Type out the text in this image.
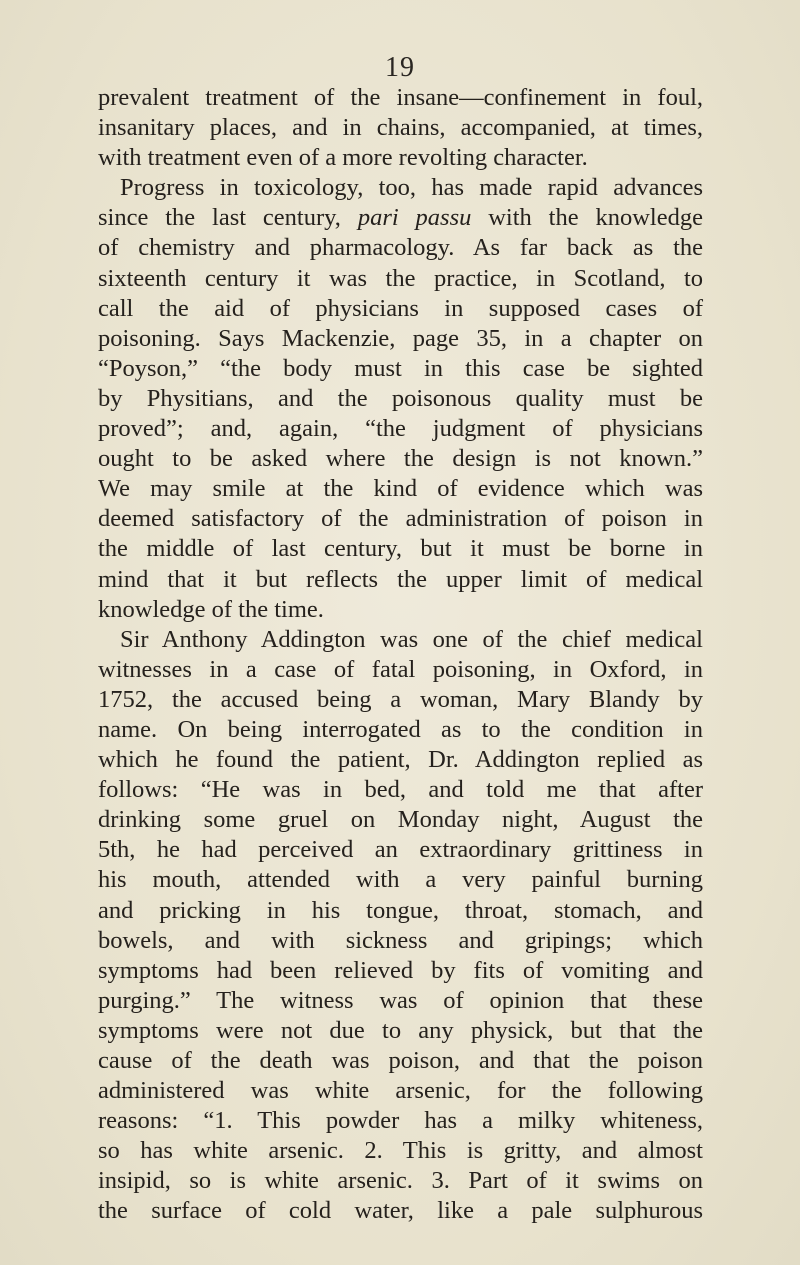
19
prevalent treatment of the insane—confinement in foul,
insanitary places, and in chains, accompanied, at times,
with treatment even of a more revolting character.
Progress in toxicology, too, has made rapid advances
since the last century, pari passu with the knowledge
of chemistry and pharmacology. As far back as the
sixteenth century it was the practice, in Scotland, to
call the aid of physicians in supposed cases of
poisoning. Says Mackenzie, page 35, in a chapter on
“Poyson,” “the body must in this case be sighted
by Physitians, and the poisonous quality must be
proved”; and, again, “the judgment of physicians
ought to be asked where the design is not known.”
We may smile at the kind of evidence which was
deemed satisfactory of the administration of poison in
the middle of last century, but it must be borne in
mind that it but reflects the upper limit of medical
knowledge of the time.
Sir Anthony Addington was one of the chief medical
witnesses in a case of fatal poisoning, in Oxford, in
1752, the accused being a woman, Mary Blandy by
name. On being interrogated as to the condition in
which he found the patient, Dr. Addington replied as
follows: “He was in bed, and told me that after
drinking some gruel on Monday night, August the
5th, he had perceived an extraordinary grittiness in
his mouth, attended with a very painful burning
and pricking in his tongue, throat, stomach, and
bowels, and with sickness and gripings; which
symptoms had been relieved by fits of vomiting and
purging.” The witness was of opinion that these
symptoms were not due to any physick, but that the
cause of the death was poison, and that the poison
administered was white arsenic, for the following
reasons: “1. This powder has a milky whiteness,
so has white arsenic. 2. This is gritty, and almost
insipid, so is white arsenic. 3. Part of it swims on
the surface of cold water, like a pale sulphurous
